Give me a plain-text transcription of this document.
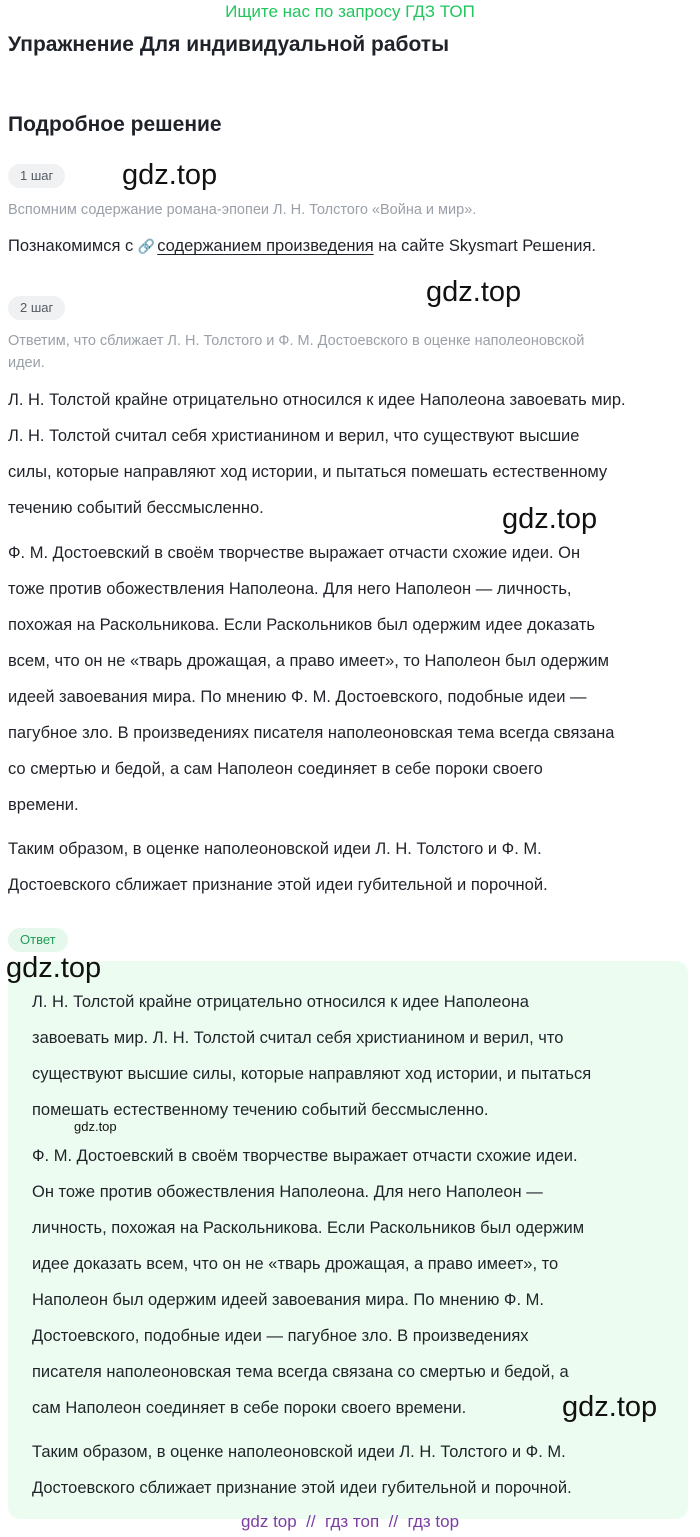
Ищите нас по запросу ГДЗ ТОП
Упражнение Для индивидуальной работы
Подробное решение
1 шаг	gdz.top
Вспомним содержание романа-эпопеи Л. Н. Толстого «Война и мир».
Познакомимся с 🔗 содержанием произведения на сайте Skysmart Решения.
2 шаг	gdz.top
Ответим, что сближает Л. Н. Толстого и Ф. М. Достоевского в оценке наполеоновской
идеи.
Л. Н. Толстой крайне отрицательно относился к идее Наполеона завоевать мир.
Л. Н. Толстой считал себя христианином и верил, что существуют высшие
силы, которые направляют ход истории, и пытаться помешать естественному
течению событий бессмысленно.	gdz.top
Ф. М. Достоевский в своём творчестве выражает отчасти схожие идеи. Он
тоже против обожествления Наполеона. Для него Наполеон — личность,
похожая на Раскольникова. Если Раскольников был одержим идее доказать
всем, что он не «тварь дрожащая, а право имеет», то Наполеон был одержим
идеей завоевания мира. По мнению Ф. М. Достоевского, подобные идеи —
пагубное зло. В произведениях писателя наполеоновская тема всегда связана
со смертью и бедой, а сам Наполеон соединяет в себе пороки своего
времени.
Таким образом, в оценке наполеоновской идеи Л. Н. Толстого и Ф. М.
Достоевского сближает признание этой идеи губительной и порочной.
Ответ
gdz.top
Л. Н. Толстой крайне отрицательно относился к идее Наполеона
завоевать мир. Л. Н. Толстой считал себя христианином и верил, что
существуют высшие силы, которые направляют ход истории, и пытаться
помешать естественному течению событий бессмысленно.
gdz.top
Ф. М. Достоевский в своём творчестве выражает отчасти схожие идеи.
Он тоже против обожествления Наполеона. Для него Наполеон —
личность, похожая на Раскольникова. Если Раскольников был одержим
идее доказать всем, что он не «тварь дрожащая, а право имеет», то
Наполеон был одержим идеей завоевания мира. По мнению Ф. М.
Достоевского, подобные идеи — пагубное зло. В произведениях
писателя наполеоновская тема всегда связана со смертью и бедой, а
сам Наполеон соединяет в себе пороки своего времени.	gdz.top
Таким образом, в оценке наполеоновской идеи Л. Н. Толстого и Ф. М.
Достоевского сближает признание этой идеи губительной и порочной.
gdz top  //  гдз топ  //  гдз top
